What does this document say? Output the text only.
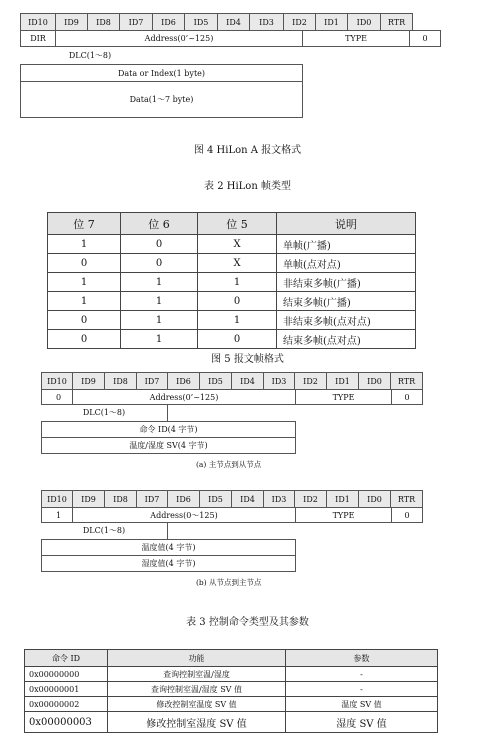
ID10	ID9	ID8	ID7	ID6	ID5	ID4	ID3	ID2	ID1	ID0	RTR
DIR	Address(0’~125)	TYPE	0
DLC(1～8)
Data or Index(1 byte)
Data(1～7 byte)
图 4 HiLon A 报文格式
表 2 HiLon 帧类型
位 7	位 6	位 5	说明
1	0	X	单帧(广播)
0	0	X	单帧(点对点)
1	1	1	非结束多帧(广播)
1	1	0	结束多帧(广播)
0	1	1	非结束多帧(点对点)
0	1	0	结束多帧(点对点)
图 5 报文帧格式
ID10	ID9	ID8	ID7	ID6	ID5	ID4	ID3	ID2	ID1	ID0	RTR
0	Address(0’~125)	TYPE	0
DLC(1～8)
命令 ID(4 字节)
温度/湿度 SV(4 字节)
(a) 主节点到从节点
ID10	ID9	ID8	ID7	ID6	ID5	ID4	ID3	ID2	ID1	ID0	RTR
1	Address(0～125)	TYPE	0
DLC(1～8)
温度值(4 字节)
湿度值(4 字节)
(b) 从节点到主节点
表 3 控制命令类型及其参数
命令 ID	功能	参数
0x00000000	查询控制室温/湿度	-
0x00000001	查询控制室温/湿度 SV 值	-
0x00000002	修改控制室温度 SV 值	温度 SV 值
0x00000003	修改控制室湿度 SV 值	湿度 SV 值
